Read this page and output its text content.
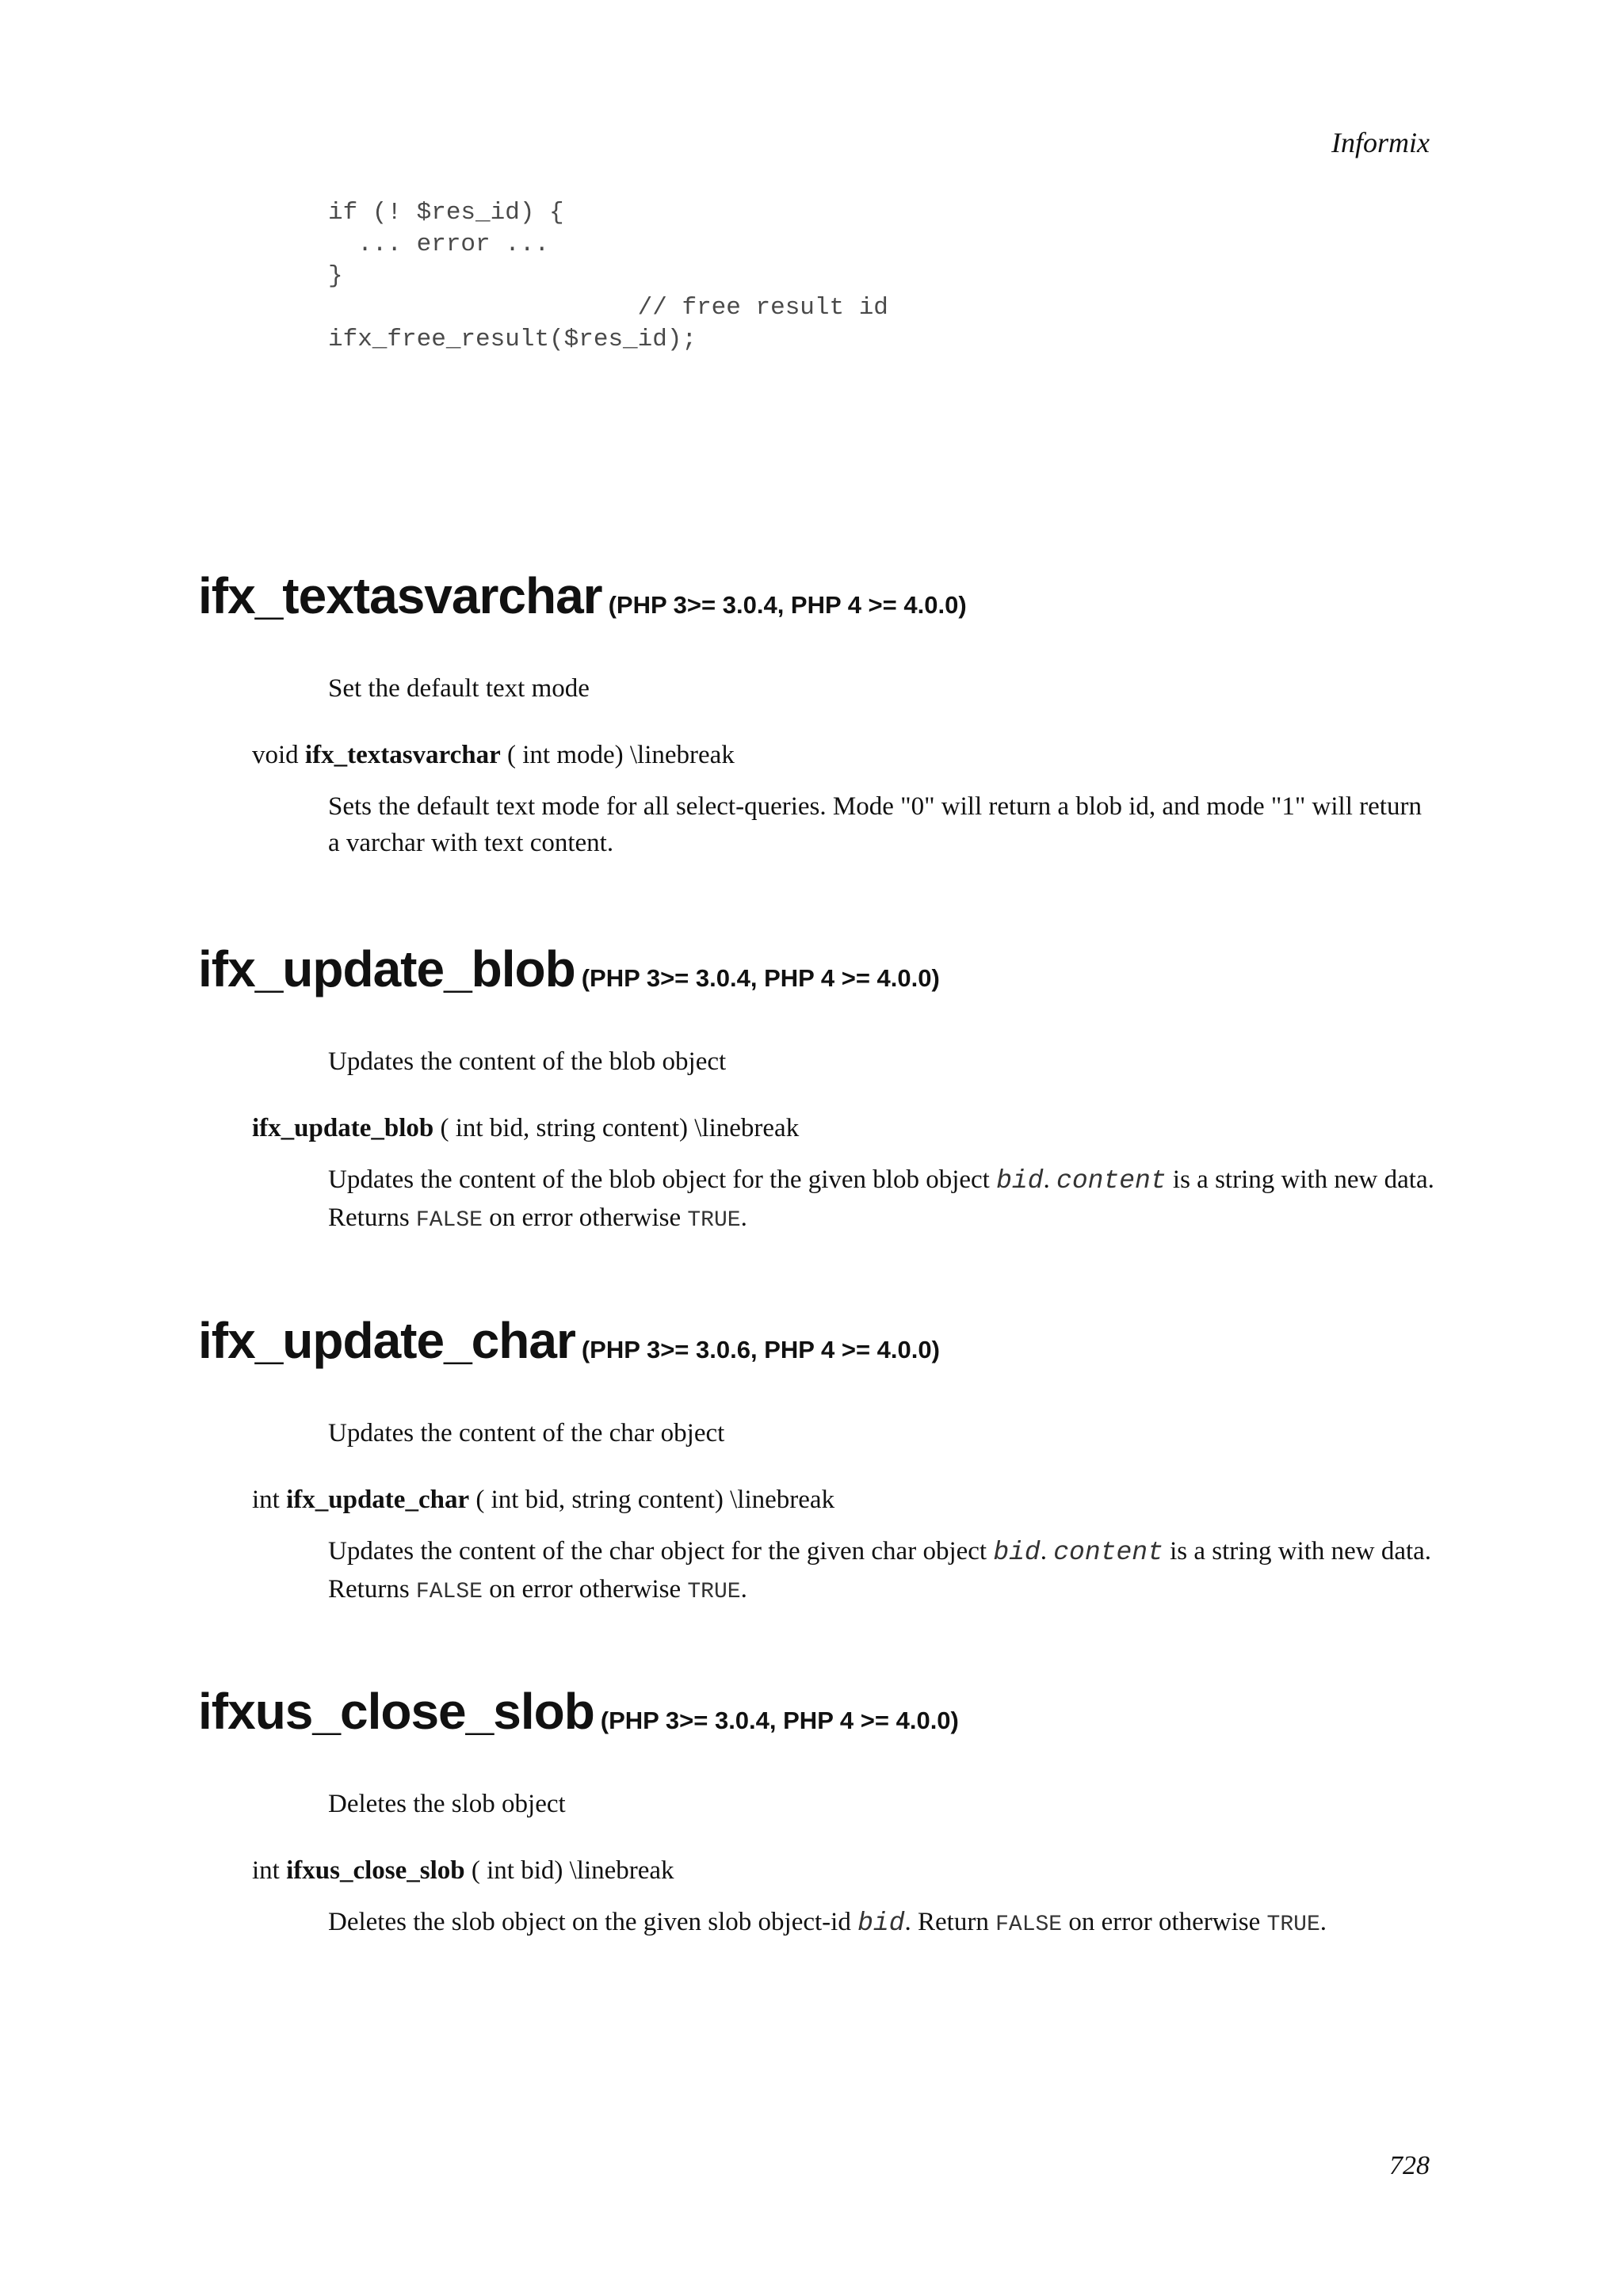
Informix
if (! $res_id) {
... error ...
}
// free result id
ifx_free_result($res_id);
ifx_textasvarchar (PHP 3>= 3.0.4, PHP 4 >= 4.0.0)
Set the default text mode
void ifx_textasvarchar ( int mode) \linebreak
Sets the default text mode for all select-queries. Mode "0" will return a blob id, and mode "1" will return a varchar with text content.
ifx_update_blob (PHP 3>= 3.0.4, PHP 4 >= 4.0.0)
Updates the content of the blob object
ifx_update_blob ( int bid, string content) \linebreak
Updates the content of the blob object for the given blob object bid. content is a string with new data. Returns FALSE on error otherwise TRUE.
ifx_update_char (PHP 3>= 3.0.6, PHP 4 >= 4.0.0)
Updates the content of the char object
int ifx_update_char ( int bid, string content) \linebreak
Updates the content of the char object for the given char object bid. content is a string with new data. Returns FALSE on error otherwise TRUE.
ifxus_close_slob (PHP 3>= 3.0.4, PHP 4 >= 4.0.0)
Deletes the slob object
int ifxus_close_slob ( int bid) \linebreak
Deletes the slob object on the given slob object-id bid. Return FALSE on error otherwise TRUE.
728
